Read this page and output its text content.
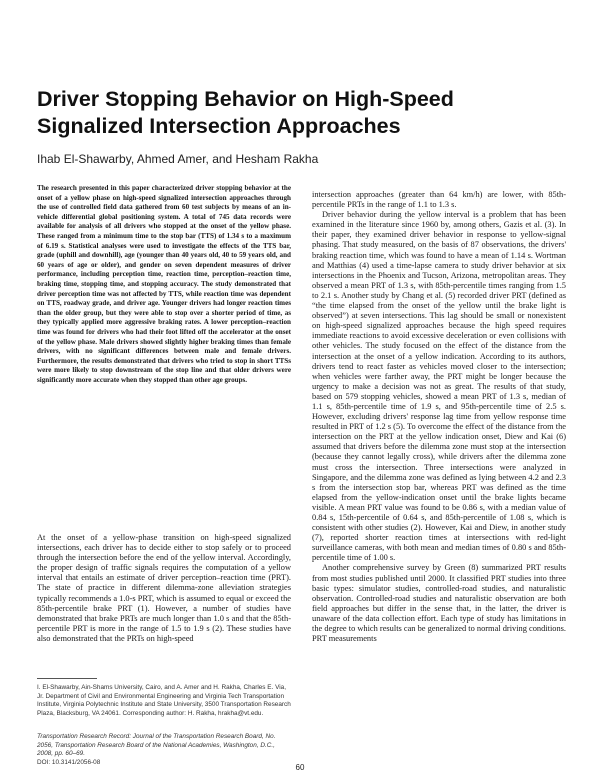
Driver Stopping Behavior on High-Speed Signalized Intersection Approaches
Ihab El-Shawarby, Ahmed Amer, and Hesham Rakha

The research presented in this paper characterized driver stopping behavior at the onset of a yellow phase on high-speed signalized intersection approaches through the use of controlled field data gathered from 60 test subjects by means of an in-vehicle differential global positioning system. A total of 745 data records were available for analysis of all drivers who stopped at the onset of the yellow phase. These ranged from a minimum time to the stop bar (TTS) of 1.34 s to a maximum of 6.19 s. Statistical analyses were used to investigate the effects of the TTS bar, grade (uphill and downhill), age (younger than 40 years old, 40 to 59 years old, and 60 years of age or older), and gender on seven dependent measures of driver performance, including perception time, reaction time, perception–reaction time, braking time, stopping time, and stopping accuracy. The study demonstrated that driver perception time was not affected by TTS, while reaction time was dependent on TTS, roadway grade, and driver age. Younger drivers had longer reaction times than the older group, but they were able to stop over a shorter period of time, as they typically applied more aggressive braking rates. A lower perception–reaction time was found for drivers who had their foot lifted off the accelerator at the onset of the yellow phase. Male drivers showed slightly higher braking times than female drivers, with no significant differences between male and female drivers. Furthermore, the results demonstrated that drivers who tried to stop in short TTSs were more likely to stop downstream of the stop line and that older drivers were significantly more accurate when they stopped than other age groups.

At the onset of a yellow-phase transition on high-speed signalized intersections, each driver has to decide either to stop safely or to proceed through the intersection before the end of the yellow interval. Accordingly, the proper design of traffic signals requires the computation of a yellow interval that entails an estimate of driver perception–reaction time (PRT). The state of practice in different dilemma-zone alleviation strategies typically recommends a 1.0-s PRT, which is assumed to equal or exceed the 85th-percentile brake PRT (1). However, a number of studies have demonstrated that brake PRTs are much longer than 1.0 s and that the 85th-percentile PRT is more in the range of 1.5 to 1.9 s (2). These studies have also demonstrated that the PRTs on high-speed

I. El-Shawarby, Ain-Shams University, Cairo, and A. Amer and H. Rakha, Charles E. Via, Jr. Department of Civil and Environmental Engineering and Virginia Tech Transportation Institute, Virginia Polytechnic Institute and State University, 3500 Transportation Research Plaza, Blacksburg, VA 24061. Corresponding author: H. Rakha, hrakha@vt.edu.

Transportation Research Record: Journal of the Transportation Research Board, No. 2056, Transportation Research Board of the National Academies, Washington, D.C., 2008, pp. 60–69.

DOI: 10.3141/2056-08

intersection approaches (greater than 64 km/h) are lower, with 85th-percentile PRTs in the range of 1.1 to 1.3 s.

Driver behavior during the yellow interval is a problem that has been examined in the literature since 1960 by, among others, Gazis et al. (3). In their paper, they examined driver behavior in response to yellow-signal phasing. That study measured, on the basis of 87 observations, the drivers' braking reaction time, which was found to have a mean of 1.14 s. Wortman and Matthias (4) used a time-lapse camera to study driver behavior at six intersections in the Phoenix and Tucson, Arizona, metropolitan areas. They observed a mean PRT of 1.3 s, with 85th-percentile times ranging from 1.5 to 2.1 s. Another study by Chang et al. (5) recorded driver PRT (defined as “the time elapsed from the onset of the yellow until the brake light is observed”) at seven intersections. This lag should be small or nonexistent on high-speed signalized approaches because the high speed requires immediate reactions to avoid excessive deceleration or even collisions with other vehicles. The study focused on the effect of the distance from the intersection at the onset of a yellow indication. According to its authors, drivers tend to react faster as vehicles moved closer to the intersection; when vehicles were farther away, the PRT might be longer because the urgency to make a decision was not as great. The results of that study, based on 579 stopping vehicles, showed a mean PRT of 1.3 s, median of 1.1 s, 85th-percentile time of 1.9 s, and 95th-percentile time of 2.5 s. However, excluding drivers' response lag time from yellow response time resulted in PRT of 1.2 s (5). To overcome the effect of the distance from the intersection on the PRT at the yellow indication onset, Diew and Kai (6) assumed that drivers before the dilemma zone must stop at the intersection (because they cannot legally cross), while drivers after the dilemma zone must cross the intersection. Three intersections were analyzed in Singapore, and the dilemma zone was defined as lying between 4.2 and 2.3 s from the intersection stop bar, whereas PRT was defined as the time elapsed from the yellow-indication onset until the brake lights became visible. A mean PRT value was found to be 0.86 s, with a median value of 0.84 s, 15th-percentile of 0.64 s, and 85th-percentile of 1.08 s, which is consistent with other studies (2). However, Kai and Diew, in another study (7), reported shorter reaction times at intersections with red-light surveillance cameras, with both mean and median times of 0.80 s and 85th-percentile time of 1.00 s.

Another comprehensive survey by Green (8) summarized PRT results from most studies published until 2000. It classified PRT studies into three basic types: simulator studies, controlled-road studies, and naturalistic observation. Controlled-road studies and naturalistic observation are both field approaches but differ in the sense that, in the latter, the driver is unaware of the data collection effort. Each type of study has limitations in the degree to which results can be generalized to normal driving conditions. PRT measurements

60
